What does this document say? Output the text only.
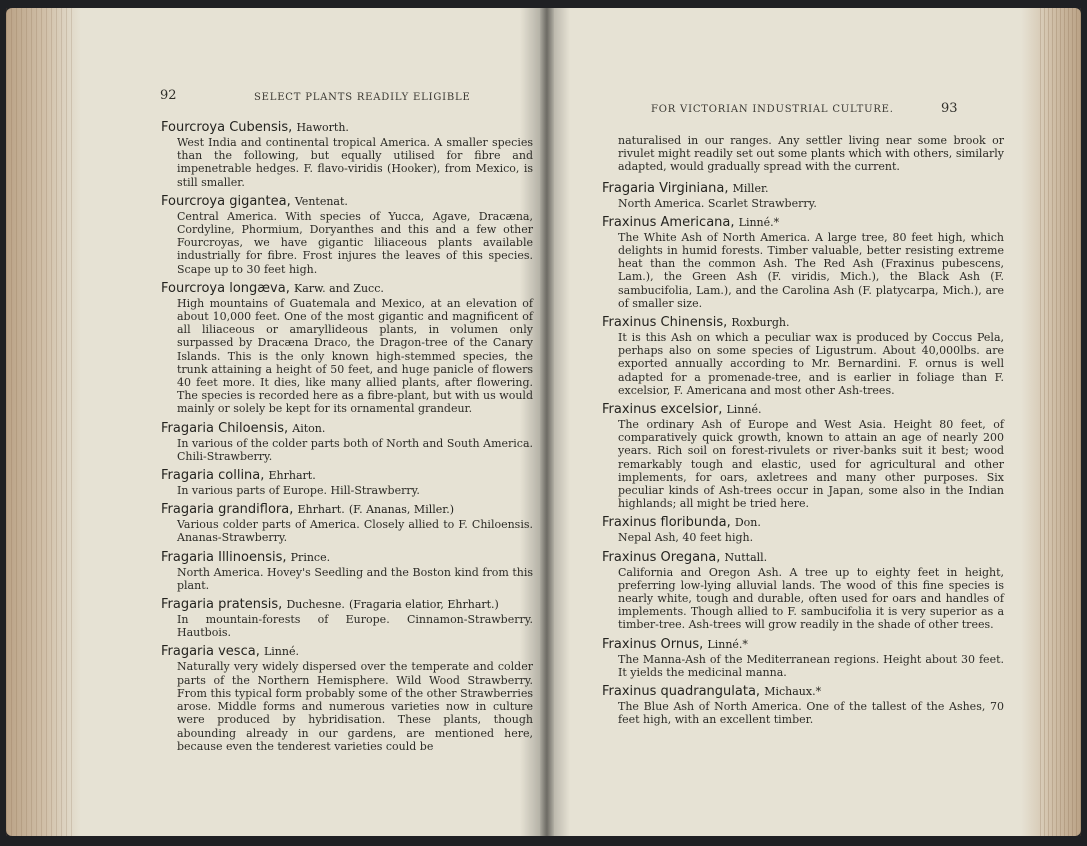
92	SELECT PLANTS READILY ELIGIBLE
Fourcroya Cubensis, Haworth.
West India and continental tropical America. A smaller species than the following, but equally utilised for fibre and impenetrable hedges. F. flavo-viridis (Hooker), from Mexico, is still smaller.
Fourcroya gigantea, Ventenat.
Central America. With species of Yucca, Agave, Dracæna, Cordyline, Phormium, Doryanthes and this and a few other Fourcroyas, we have gigantic liliaceous plants available industrially for fibre. Frost injures the leaves of this species. Scape up to 30 feet high.
Fourcroya longæva, Karw. and Zucc.
High mountains of Guatemala and Mexico, at an elevation of about 10,000 feet. One of the most gigantic and magnificent of all liliaceous or amaryllideous plants, in volumen only surpassed by Dracæna Draco, the Dragon-tree of the Canary Islands. This is the only known high-stemmed species, the trunk attaining a height of 50 feet, and huge panicle of flowers 40 feet more. It dies, like many allied plants, after flowering. The species is recorded here as a fibre-plant, but with us would mainly or solely be kept for its ornamental grandeur.
Fragaria Chiloensis, Aiton.
In various of the colder parts both of North and South America. Chili-Strawberry.
Fragaria collina, Ehrhart.
In various parts of Europe. Hill-Strawberry.
Fragaria grandiflora, Ehrhart. (F. Ananas, Miller.)
Various colder parts of America. Closely allied to F. Chiloensis. Ananas-Strawberry.
Fragaria Illinoensis, Prince.
North America. Hovey's Seedling and the Boston kind from this plant.
Fragaria pratensis, Duchesne. (Fragaria elatior, Ehrhart.)
In mountain-forests of Europe. Cinnamon-Strawberry. Hautbois.
Fragaria vesca, Linné.
Naturally very widely dispersed over the temperate and colder parts of the Northern Hemisphere. Wild Wood Strawberry. From this typical form probably some of the other Strawberries arose. Middle forms and numerous varieties now in culture were produced by hybridisation. These plants, though abounding already in our gardens, are mentioned here, because even the tenderest varieties could be
FOR VICTORIAN INDUSTRIAL CULTURE.	93
naturalised in our ranges. Any settler living near some brook or rivulet might readily set out some plants which with others, similarly adapted, would gradually spread with the current.
Fragaria Virginiana, Miller.
North America. Scarlet Strawberry.
Fraxinus Americana, Linné.*
The White Ash of North America. A large tree, 80 feet high, which delights in humid forests. Timber valuable, better resisting extreme heat than the common Ash. The Red Ash (Fraxinus pubescens, Lam.), the Green Ash (F. viridis, Mich.), the Black Ash (F. sambucifolia, Lam.), and the Carolina Ash (F. platycarpa, Mich.), are of smaller size.
Fraxinus Chinensis, Roxburgh.
It is this Ash on which a peculiar wax is produced by Coccus Pela, perhaps also on some species of Ligustrum. About 40,000lbs. are exported annually according to Mr. Bernardini. F. ornus is well adapted for a promenade-tree, and is earlier in foliage than F. excelsior, F. Americana and most other Ash-trees.
Fraxinus excelsior, Linné.
The ordinary Ash of Europe and West Asia. Height 80 feet, of comparatively quick growth, known to attain an age of nearly 200 years. Rich soil on forest-rivulets or river-banks suit it best; wood remarkably tough and elastic, used for agricultural and other implements, for oars, axletrees and many other purposes. Six peculiar kinds of Ash-trees occur in Japan, some also in the Indian highlands; all might be tried here.
Fraxinus floribunda, Don.
Nepal Ash, 40 feet high.
Fraxinus Oregana, Nuttall.
California and Oregon Ash. A tree up to eighty feet in height, preferring low-lying alluvial lands. The wood of this fine species is nearly white, tough and durable, often used for oars and handles of implements. Though allied to F. sambucifolia it is very superior as a timber-tree. Ash-trees will grow readily in the shade of other trees.
Fraxinus Ornus, Linné.*
The Manna-Ash of the Mediterranean regions. Height about 30 feet. It yields the medicinal manna.
Fraxinus quadrangulata, Michaux.*
The Blue Ash of North America. One of the tallest of the Ashes, 70 feet high, with an excellent timber.
